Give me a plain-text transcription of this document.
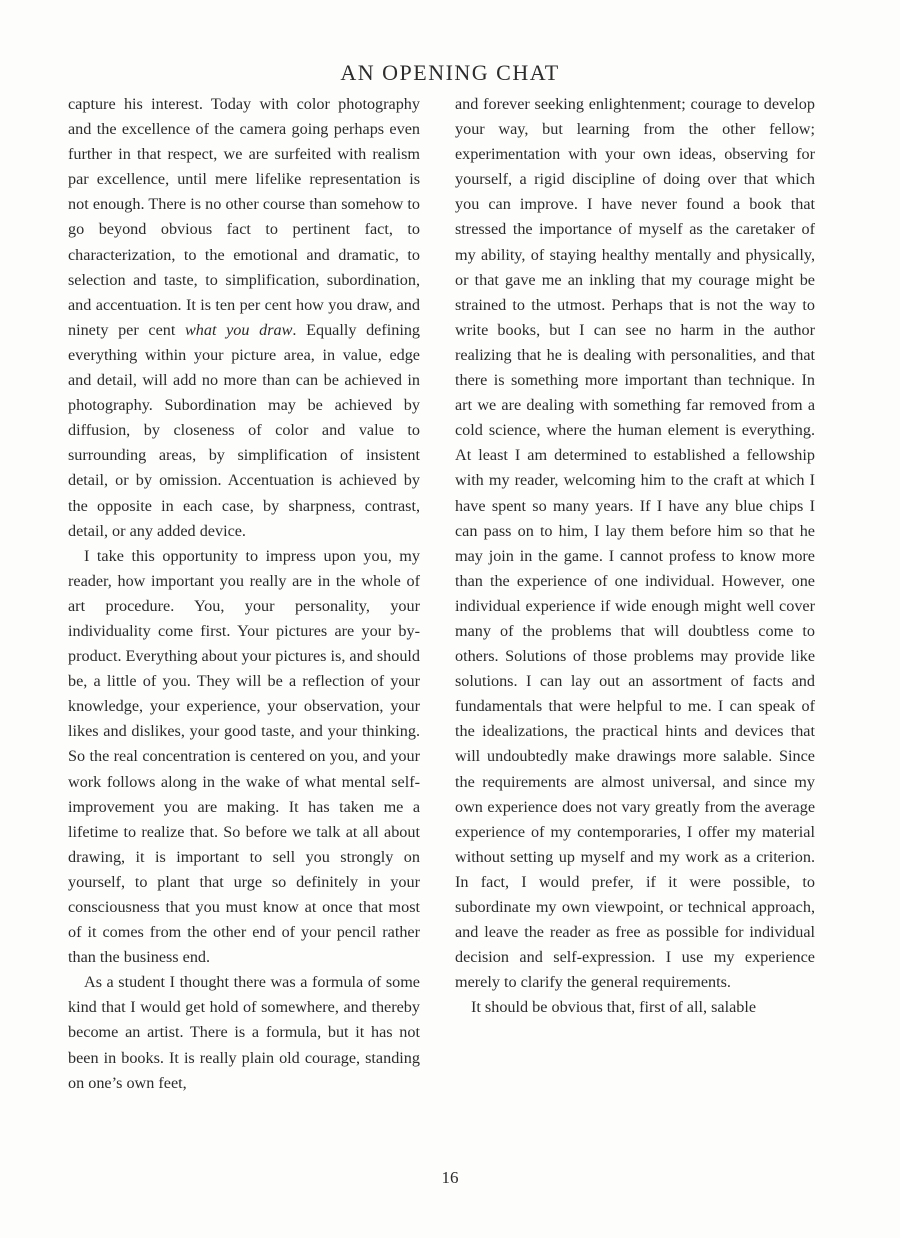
AN OPENING CHAT

capture his interest. Today with color photography and the excellence of the camera going perhaps even further in that respect, we are surfeited with realism par excellence, until mere lifelike representation is not enough. There is no other course than somehow to go beyond obvious fact to pertinent fact, to characterization, to the emotional and dramatic, to selection and taste, to simplification, subordination, and accentuation. It is ten per cent how you draw, and ninety per cent what you draw. Equally defining everything within your picture area, in value, edge and detail, will add no more than can be achieved in photography. Subordination may be achieved by diffusion, by closeness of color and value to surrounding areas, by simplification of insistent detail, or by omission. Accentuation is achieved by the opposite in each case, by sharpness, contrast, detail, or any added device.

I take this opportunity to impress upon you, my reader, how important you really are in the whole of art procedure. You, your personality, your individuality come first. Your pictures are your by-product. Everything about your pictures is, and should be, a little of you. They will be a reflection of your knowledge, your experience, your observation, your likes and dislikes, your good taste, and your thinking. So the real concentration is centered on you, and your work follows along in the wake of what mental self-improvement you are making. It has taken me a lifetime to realize that. So before we talk at all about drawing, it is important to sell you strongly on yourself, to plant that urge so definitely in your consciousness that you must know at once that most of it comes from the other end of your pencil rather than the business end.

As a student I thought there was a formula of some kind that I would get hold of somewhere, and thereby become an artist. There is a formula, but it has not been in books. It is really plain old courage, standing on one’s own feet,

and forever seeking enlightenment; courage to develop your way, but learning from the other fellow; experimentation with your own ideas, observing for yourself, a rigid discipline of doing over that which you can improve. I have never found a book that stressed the importance of myself as the caretaker of my ability, of staying healthy mentally and physically, or that gave me an inkling that my courage might be strained to the utmost. Perhaps that is not the way to write books, but I can see no harm in the author realizing that he is dealing with personalities, and that there is something more important than technique. In art we are dealing with something far removed from a cold science, where the human element is everything. At least I am determined to established a fellowship with my reader, welcoming him to the craft at which I have spent so many years. If I have any blue chips I can pass on to him, I lay them before him so that he may join in the game. I cannot profess to know more than the experience of one individual. However, one individual experience if wide enough might well cover many of the problems that will doubtless come to others. Solutions of those problems may provide like solutions. I can lay out an assortment of facts and fundamentals that were helpful to me. I can speak of the idealizations, the practical hints and devices that will undoubtedly make drawings more salable. Since the requirements are almost universal, and since my own experience does not vary greatly from the average experience of my contemporaries, I offer my material without setting up myself and my work as a criterion. In fact, I would prefer, if it were possible, to subordinate my own viewpoint, or technical approach, and leave the reader as free as possible for individual decision and self-expression. I use my experience merely to clarify the general requirements.

It should be obvious that, first of all, salable

16
